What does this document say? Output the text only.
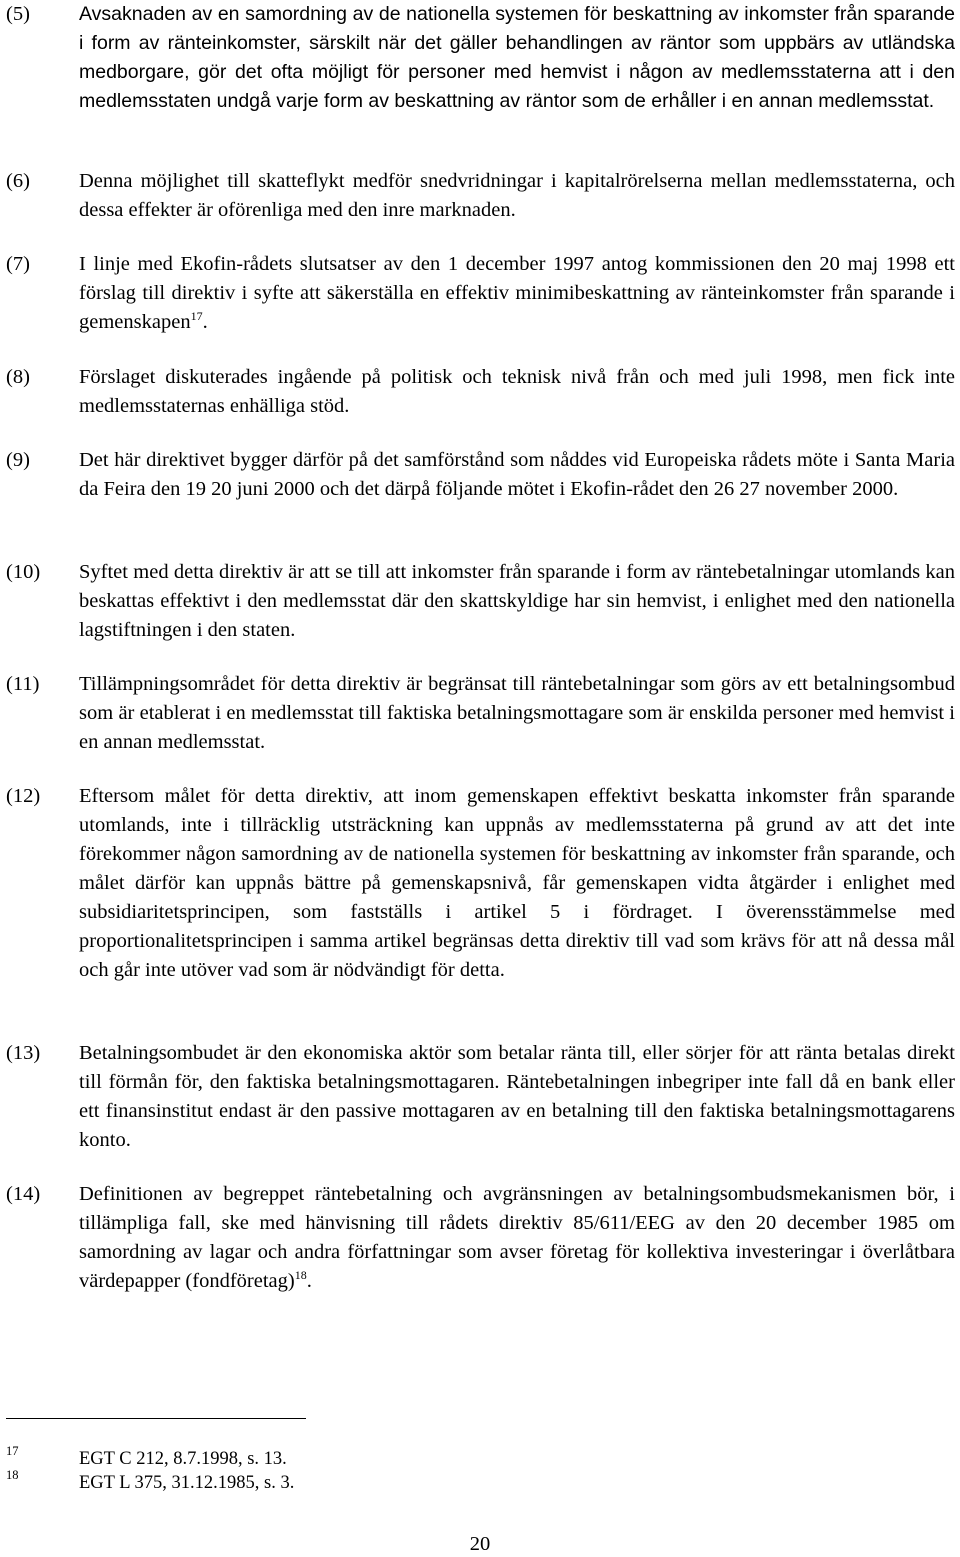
(5)	Avsaknaden av en samordning av de nationella systemen för beskattning av inkomster från sparande i form av ränteinkomster, särskilt när det gäller behandlingen av räntor som uppbärs av utländska medborgare, gör det ofta möjligt för personer med hemvist i någon av medlemsstaterna att i den medlemsstaten undgå varje form av beskattning av räntor som de erhåller i en annan medlemsstat.
(6) Denna möjlighet till skatteflykt medför snedvridningar i kapitalrörelserna mellan medlemsstaterna, och dessa effekter är oförenliga med den inre marknaden.
(7) I linje med Ekofin-rådets slutsatser av den 1 december 1997 antog kommissionen den 20 maj 1998 ett förslag till direktiv i syfte att säkerställa en effektiv minimibeskattning av ränteinkomster från sparande i gemenskapen$^{17}$.
(8) Förslaget diskuterades ingående på politisk och teknisk nivå från och med juli 1998, men fick inte medlemsstaternas enhälliga stöd.
(9) Det här direktivet bygger därför på det samförstånd som nåddes vid Europeiska rådets möte i Santa Maria da Feira den 19 20 juni 2000 och det därpå följande mötet i Ekofin-rådet den 26 27 november 2000.
(10) Syftet med detta direktiv är att se till att inkomster från sparande i form av räntebetalningar utomlands kan beskattas effektivt i den medlemsstat där den skattskyldige har sin hemvist, i enlighet med den nationella lagstiftningen i den staten.
(11) Tillämpningsområdet för detta direktiv är begränsat till räntebetalningar som görs av ett betalningsombud som är etablerat i en medlemsstat till faktiska betalningsmottagare som är enskilda personer med hemvist i en annan medlemsstat.
(12) Eftersom målet för detta direktiv, att inom gemenskapen effektivt beskatta inkomster från sparande utomlands, inte i tillräcklig utsträckning kan uppnås av medlemsstaterna på grund av att det inte förekommer någon samordning av de nationella systemen för beskattning av inkomster från sparande, och målet därför kan uppnås bättre på gemenskapsnivå, får gemenskapen vidta åtgärder i enlighet med subsidiaritetsprincipen, som fastställs i artikel 5 i fördraget. I överensstämmelse med proportionalitetsprincipen i samma artikel begränsas detta direktiv till vad som krävs för att nå dessa mål och går inte utöver vad som är nödvändigt för detta.
(13) Betalningsombudet är den ekonomiska aktör som betalar ränta till, eller sörjer för att ränta betalas direkt till förmån för, den faktiska betalningsmottagaren. Räntebetalningen inbegriper inte fall då en bank eller ett finansinstitut endast är den passive mottagaren av en betalning till den faktiska betalningsmottagarens konto.
(14) Definitionen av begreppet räntebetalning och avgränsningen av betalningsombudsmekanismen bör, i tillämpliga fall, ske med hänvisning till rådets direktiv 85/611/EEG av den 20 december 1985 om samordning av lagar och andra författningar som avser företag för kollektiva investeringar i överlåtbara värdepapper (fondföretag)$^{18}$.
17	EGT C 212, 8.7.1998, s. 13.
18	EGT L 375, 31.12.1985, s. 3.
20
